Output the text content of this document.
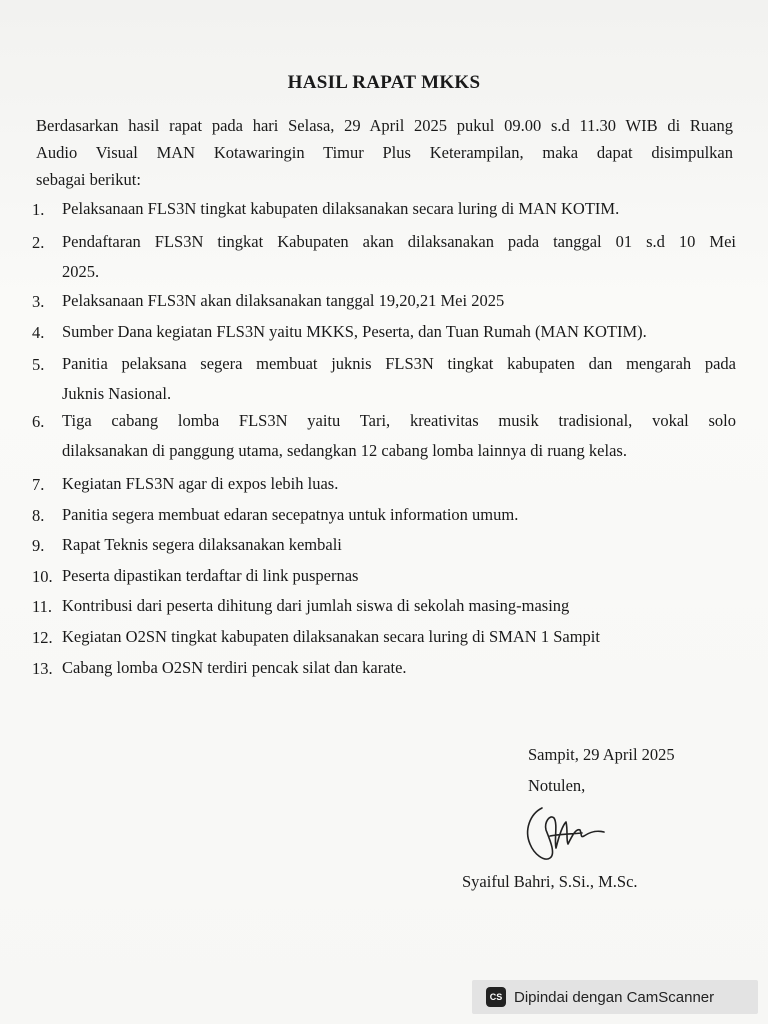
HASIL RAPAT MKKS
Berdasarkan hasil rapat pada hari Selasa, 29 April 2025 pukul 09.00 s.d 11.30 WIB di Ruang
Audio Visual MAN Kotawaringin Timur Plus Keterampilan, maka dapat disimpulkan
sebagai berikut:
1.	Pelaksanaan FLS3N tingkat kabupaten dilaksanakan secara luring di MAN KOTIM.
2.	Pendaftaran FLS3N tingkat Kabupaten akan dilaksanakan pada tanggal 01 s.d 10 Mei
2025.
3.	Pelaksanaan FLS3N akan dilaksanakan tanggal 19,20,21 Mei 2025
4.	Sumber Dana kegiatan FLS3N yaitu MKKS, Peserta, dan Tuan Rumah (MAN KOTIM).
5.	Panitia pelaksana segera membuat juknis FLS3N tingkat kabupaten dan mengarah pada
Juknis Nasional.
6.	Tiga cabang lomba FLS3N yaitu Tari, kreativitas musik tradisional, vokal solo
dilaksanakan di panggung utama, sedangkan 12 cabang lomba lainnya di ruang kelas.
7.	Kegiatan FLS3N agar di expos lebih luas.
8.	Panitia segera membuat edaran secepatnya untuk information umum.
9.	Rapat Teknis segera dilaksanakan kembali
10. Peserta dipastikan terdaftar di link puspernas
11. Kontribusi dari peserta dihitung dari jumlah siswa di sekolah masing-masing
12. Kegiatan O2SN tingkat kabupaten dilaksanakan secara luring di SMAN 1 Sampit
13. Cabang lomba O2SN terdiri pencak silat dan karate.
Sampit, 29 April 2025
Notulen,
Syaiful Bahri, S.Si., M.Sc.
CS Dipindai dengan CamScanner
